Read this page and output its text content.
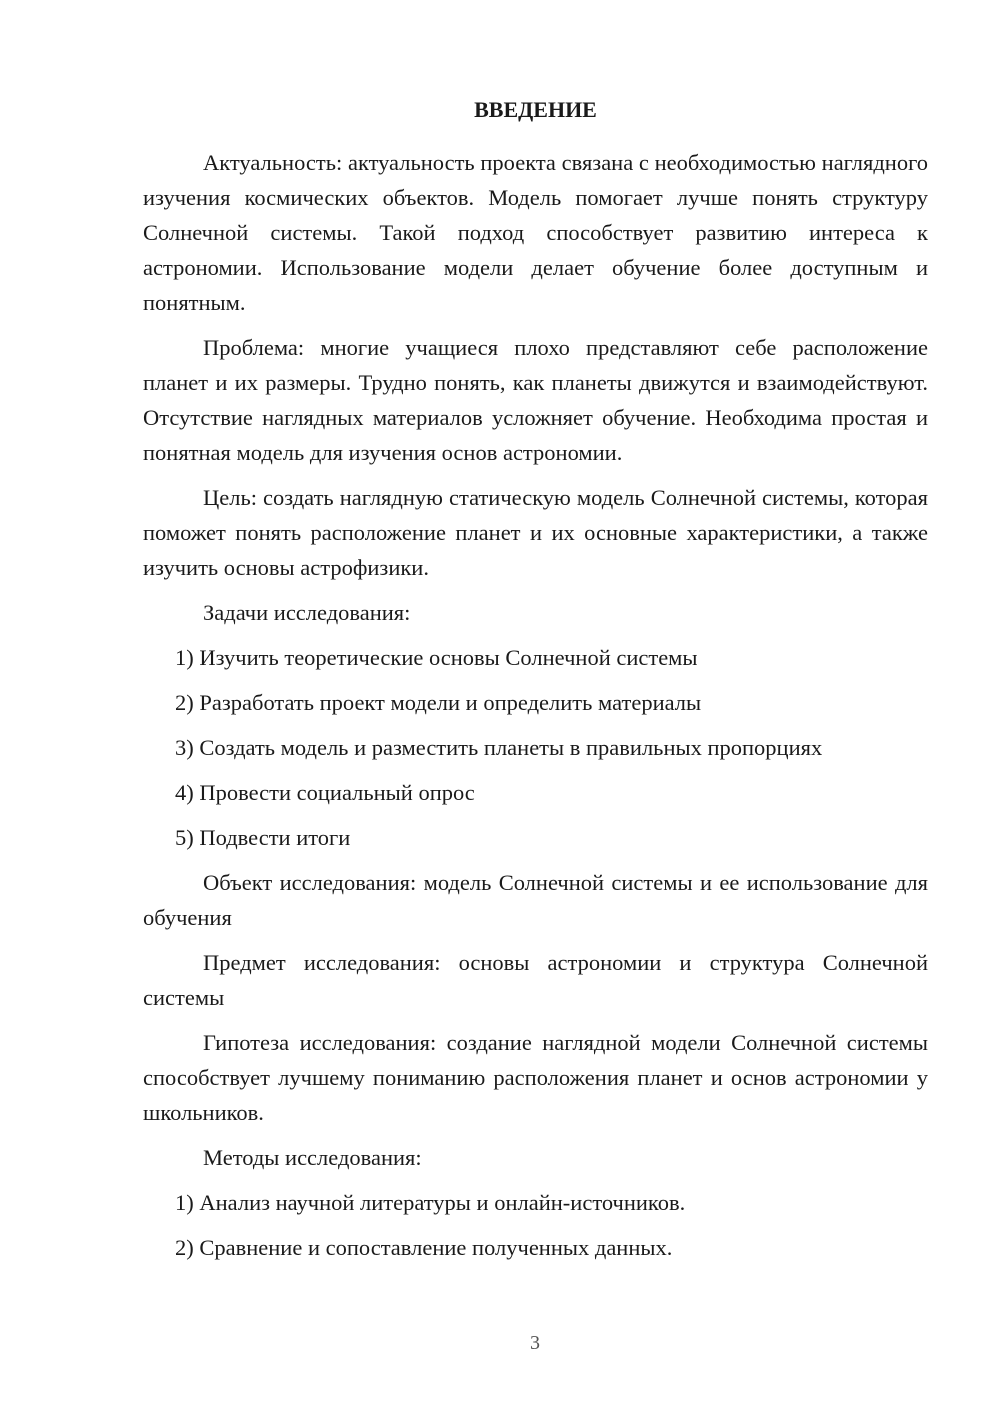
ВВЕДЕНИЕ

Актуальность: актуальность проекта связана с необходимостью наглядного изучения космических объектов. Модель помогает лучше понять структуру Солнечной системы. Такой подход способствует развитию интереса к астрономии. Использование модели делает обучение более доступным и понятным.

Проблема: многие учащиеся плохо представляют себе расположение планет и их размеры. Трудно понять, как планеты движутся и взаимодействуют. Отсутствие наглядных материалов усложняет обучение. Необходима простая и понятная модель для изучения основ астрономии.

Цель: создать наглядную статическую модель Солнечной системы, которая поможет понять расположение планет и их основные характеристики, а также изучить основы астрофизики.

Задачи исследования:

1) Изучить теоретические основы Солнечной системы

2) Разработать проект модели и определить материалы

3) Создать модель и разместить планеты в правильных пропорциях

4) Провести социальный опрос

5) Подвести итоги

Объект исследования: модель Солнечной системы и ее использование для обучения

Предмет исследования: основы астрономии и структура Солнечной системы

Гипотеза исследования: создание наглядной модели Солнечной системы способствует лучшему пониманию расположения планет и основ астрономии у школьников.

Методы исследования:

1) Анализ научной литературы и онлайн-источников.

2) Сравнение и сопоставление полученных данных.

3
